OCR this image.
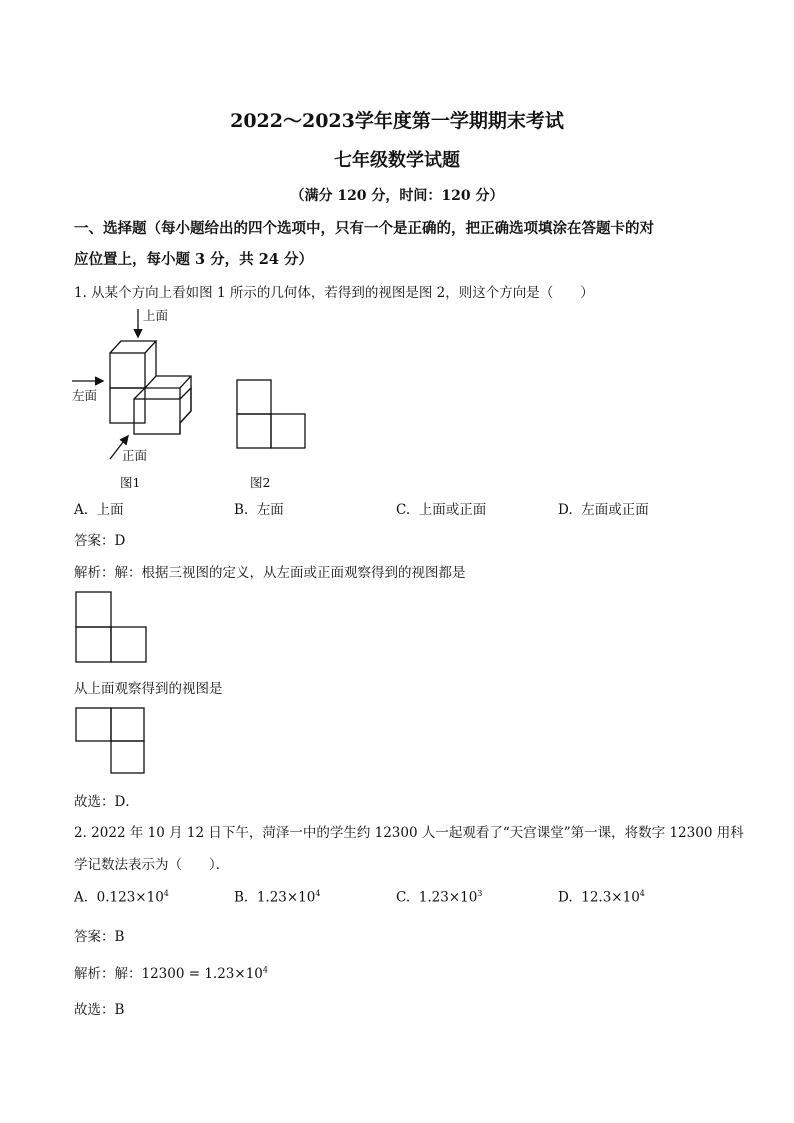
2022～2023学年度第一学期期末考试
七年级数学试题
（满分 120 分，时间：120 分）
一、选择题（每小题给出的四个选项中，只有一个是正确的，把正确选项填涂在答题卡的对
应位置上，每小题 3 分，共 24 分）
1. 从某个方向上看如图 1 所示的几何体，若得到的视图是图 2，则这个方向是（　　）
上面
左面
正面
图1	图2
A. 上面	B. 左面	C. 上面或正面	D. 左面或正面
答案：D
解析：解：根据三视图的定义，从左面或正面观察得到的视图都是
从上面观察得到的视图是
故选：D．
2. 2022 年 10 月 12 日下午，菏泽一中的学生约 12300 人一起观看了“天宫课堂”第一课，将数字 12300 用科
学记数法表示为（　　）．
A. $0.123\times 10^4$	B. $1.23\times 10^4$	C. $1.23\times 10^3$	D. $12.3\times 10^4$
答案：B
解析：解：$12300 = 1.23\times 10^4$
故选：B
